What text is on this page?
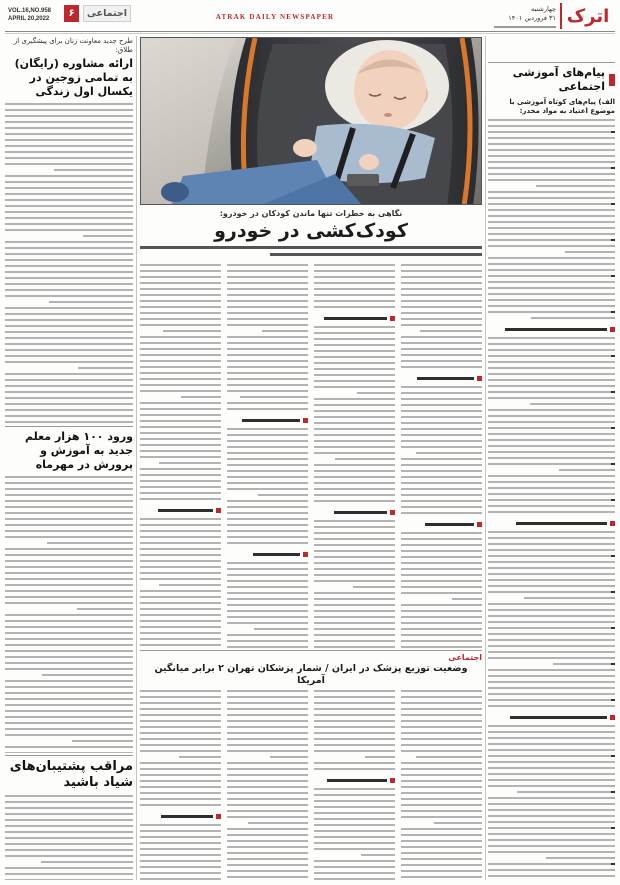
VOL.16,NO.958
APRIL 20,2022	۶	اجتماعی	ATRAK DAILY NEWSPAPER
چهارشنبه
۳۱ فروردین ۱۴۰۱ اترک
طرح جدید معاونت زنان برای پیشگیری از طلاق:
ارائه مشاوره (رایگان) به تمامی زوجین در یکسال اول زندگی
ورود ۱۰۰ هزار معلم جدید به آموزش و پرورش در مهرماه
مراقب پشتیبان‌های شیاد باشید
نگاهی به خطرات تنها ماندن کودکان در خودرو:
کودک‌کشی در خودرو
اجتماعی
وضعیت توزیع پزشک در ایران / شمار پزشکان تهران ۲ برابر میانگین آمریکا
پیام‌های آموزشی اجتماعی
الف) پیام‌های کوتاه آموزشی با موضوع اعتیاد به مواد مخدر:
